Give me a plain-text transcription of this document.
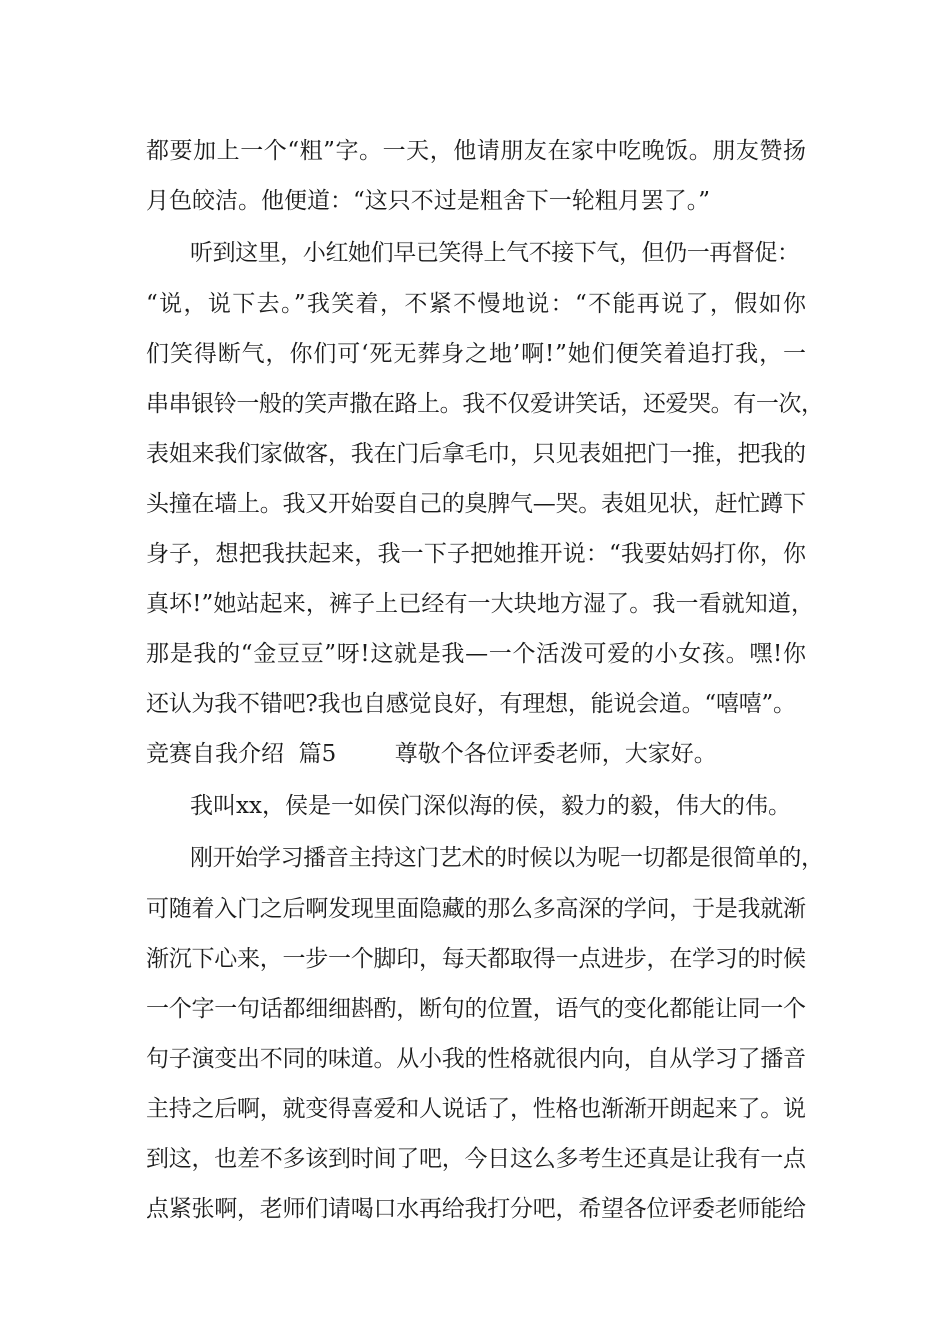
都要加上一个“粗”字。一天，他请朋友在家中吃晚饭。朋友赞扬
月色皎洁。他便道：“这只不过是粗舍下一轮粗月罢了。”
听到这里，小红她们早已笑得上气不接下气，但仍一再督促：
“说，说下去。”我笑着，不紧不慢地说：“不能再说了，假如你
们笑得断气，你们可‘死无葬身之地’啊!”她们便笑着追打我，一
串串银铃一般的笑声撒在路上。我不仅爱讲笑话，还爱哭。有一次，
表姐来我们家做客，我在门后拿毛巾，只见表姐把门一推，把我的
头撞在墙上。我又开始耍自己的臭脾气—哭。表姐见状，赶忙蹲下
身子，想把我扶起来，我一下子把她推开说：“我要姑妈打你，你
真坏!”她站起来，裤子上已经有一大块地方湿了。我一看就知道，
那是我的“金豆豆”呀!这就是我—一个活泼可爱的小女孩。嘿!你
还认为我不错吧?我也自感觉良好，有理想，能说会道。“嘻嘻”。
竞赛自我介绍  篇5        尊敬个各位评委老师，大家好。
我叫xx，侯是一如侯门深似海的侯，毅力的毅，伟大的伟。
刚开始学习播音主持这门艺术的时候以为呢一切都是很简单的，
可随着入门之后啊发现里面隐藏的那么多高深的学问，于是我就渐
渐沉下心来，一步一个脚印，每天都取得一点进步，在学习的时候
一个字一句话都细细斟酌，断句的位置，语气的变化都能让同一个
句子演变出不同的味道。从小我的性格就很内向，自从学习了播音
主持之后啊，就变得喜爱和人说话了，性格也渐渐开朗起来了。说
到这，也差不多该到时间了吧，今日这么多考生还真是让我有一点
点紧张啊，老师们请喝口水再给我打分吧，希望各位评委老师能给
